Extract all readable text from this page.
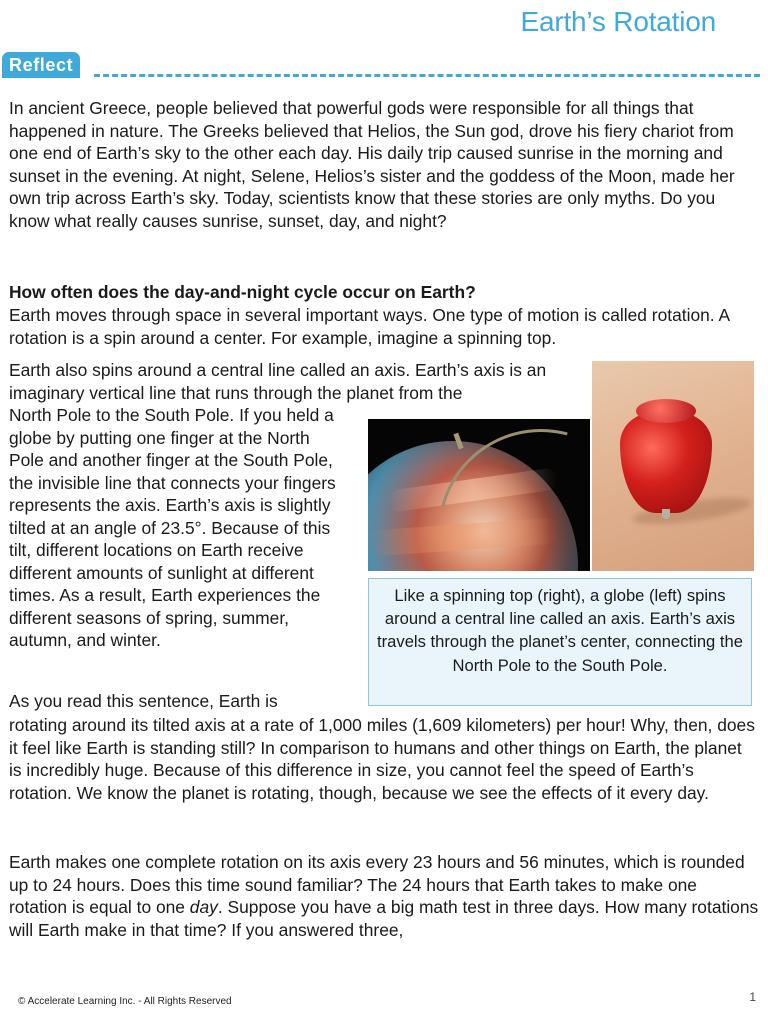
Earth’s Rotation
Reflect

In ancient Greece, people believed that powerful gods were responsible for all things that happened in nature. The Greeks believed that Helios, the Sun god, drove his fiery chariot from one end of Earth’s sky to the other each day. His daily trip caused sunrise in the morning and sunset in the evening. At night, Selene, Helios’s sister and the goddess of the Moon, made her own trip across Earth’s sky. Today, scientists know that these stories are only myths. Do you know what really causes sunrise, sunset, day, and night?

How often does the day-and-night cycle occur on Earth?

Earth moves through space in several important ways. One type of motion is called rotation. A rotation is a spin around a center. For example, imagine a spinning top.

Earth also spins around a central line called an axis. Earth’s axis is an imaginary vertical line that runs through the planet from the

North Pole to the South Pole. If you held a globe by putting one finger at the North Pole and another finger at the South Pole, the invisible line that connects your fingers represents the axis. Earth’s axis is slightly tilted at an angle of 23.5°. Because of this tilt, different locations on Earth receive different amounts of sunlight at different times. As a result, Earth experiences the different seasons of spring, summer, autumn, and winter.

Like a spinning top (right), a globe (left) spins around a central line called an axis. Earth’s axis travels through the planet’s center, connecting the North Pole to the South Pole.

As you read this sentence, Earth is

rotating around its tilted axis at a rate of 1,000 miles (1,609 kilometers) per hour! Why, then, does it feel like Earth is standing still? In comparison to humans and other things on Earth, the planet is incredibly huge. Because of this difference in size, you cannot feel the speed of Earth’s rotation. We know the planet is rotating, though, because we see the effects of it every day.

Earth makes one complete rotation on its axis every 23 hours and 56 minutes, which is rounded up to 24 hours. Does this time sound familiar? The 24 hours that Earth takes to make one rotation is equal to one day. Suppose you have a big math test in three days. How many rotations will Earth make in that time? If you answered three,

© Accelerate Learning Inc. - All Rights Reserved	1
